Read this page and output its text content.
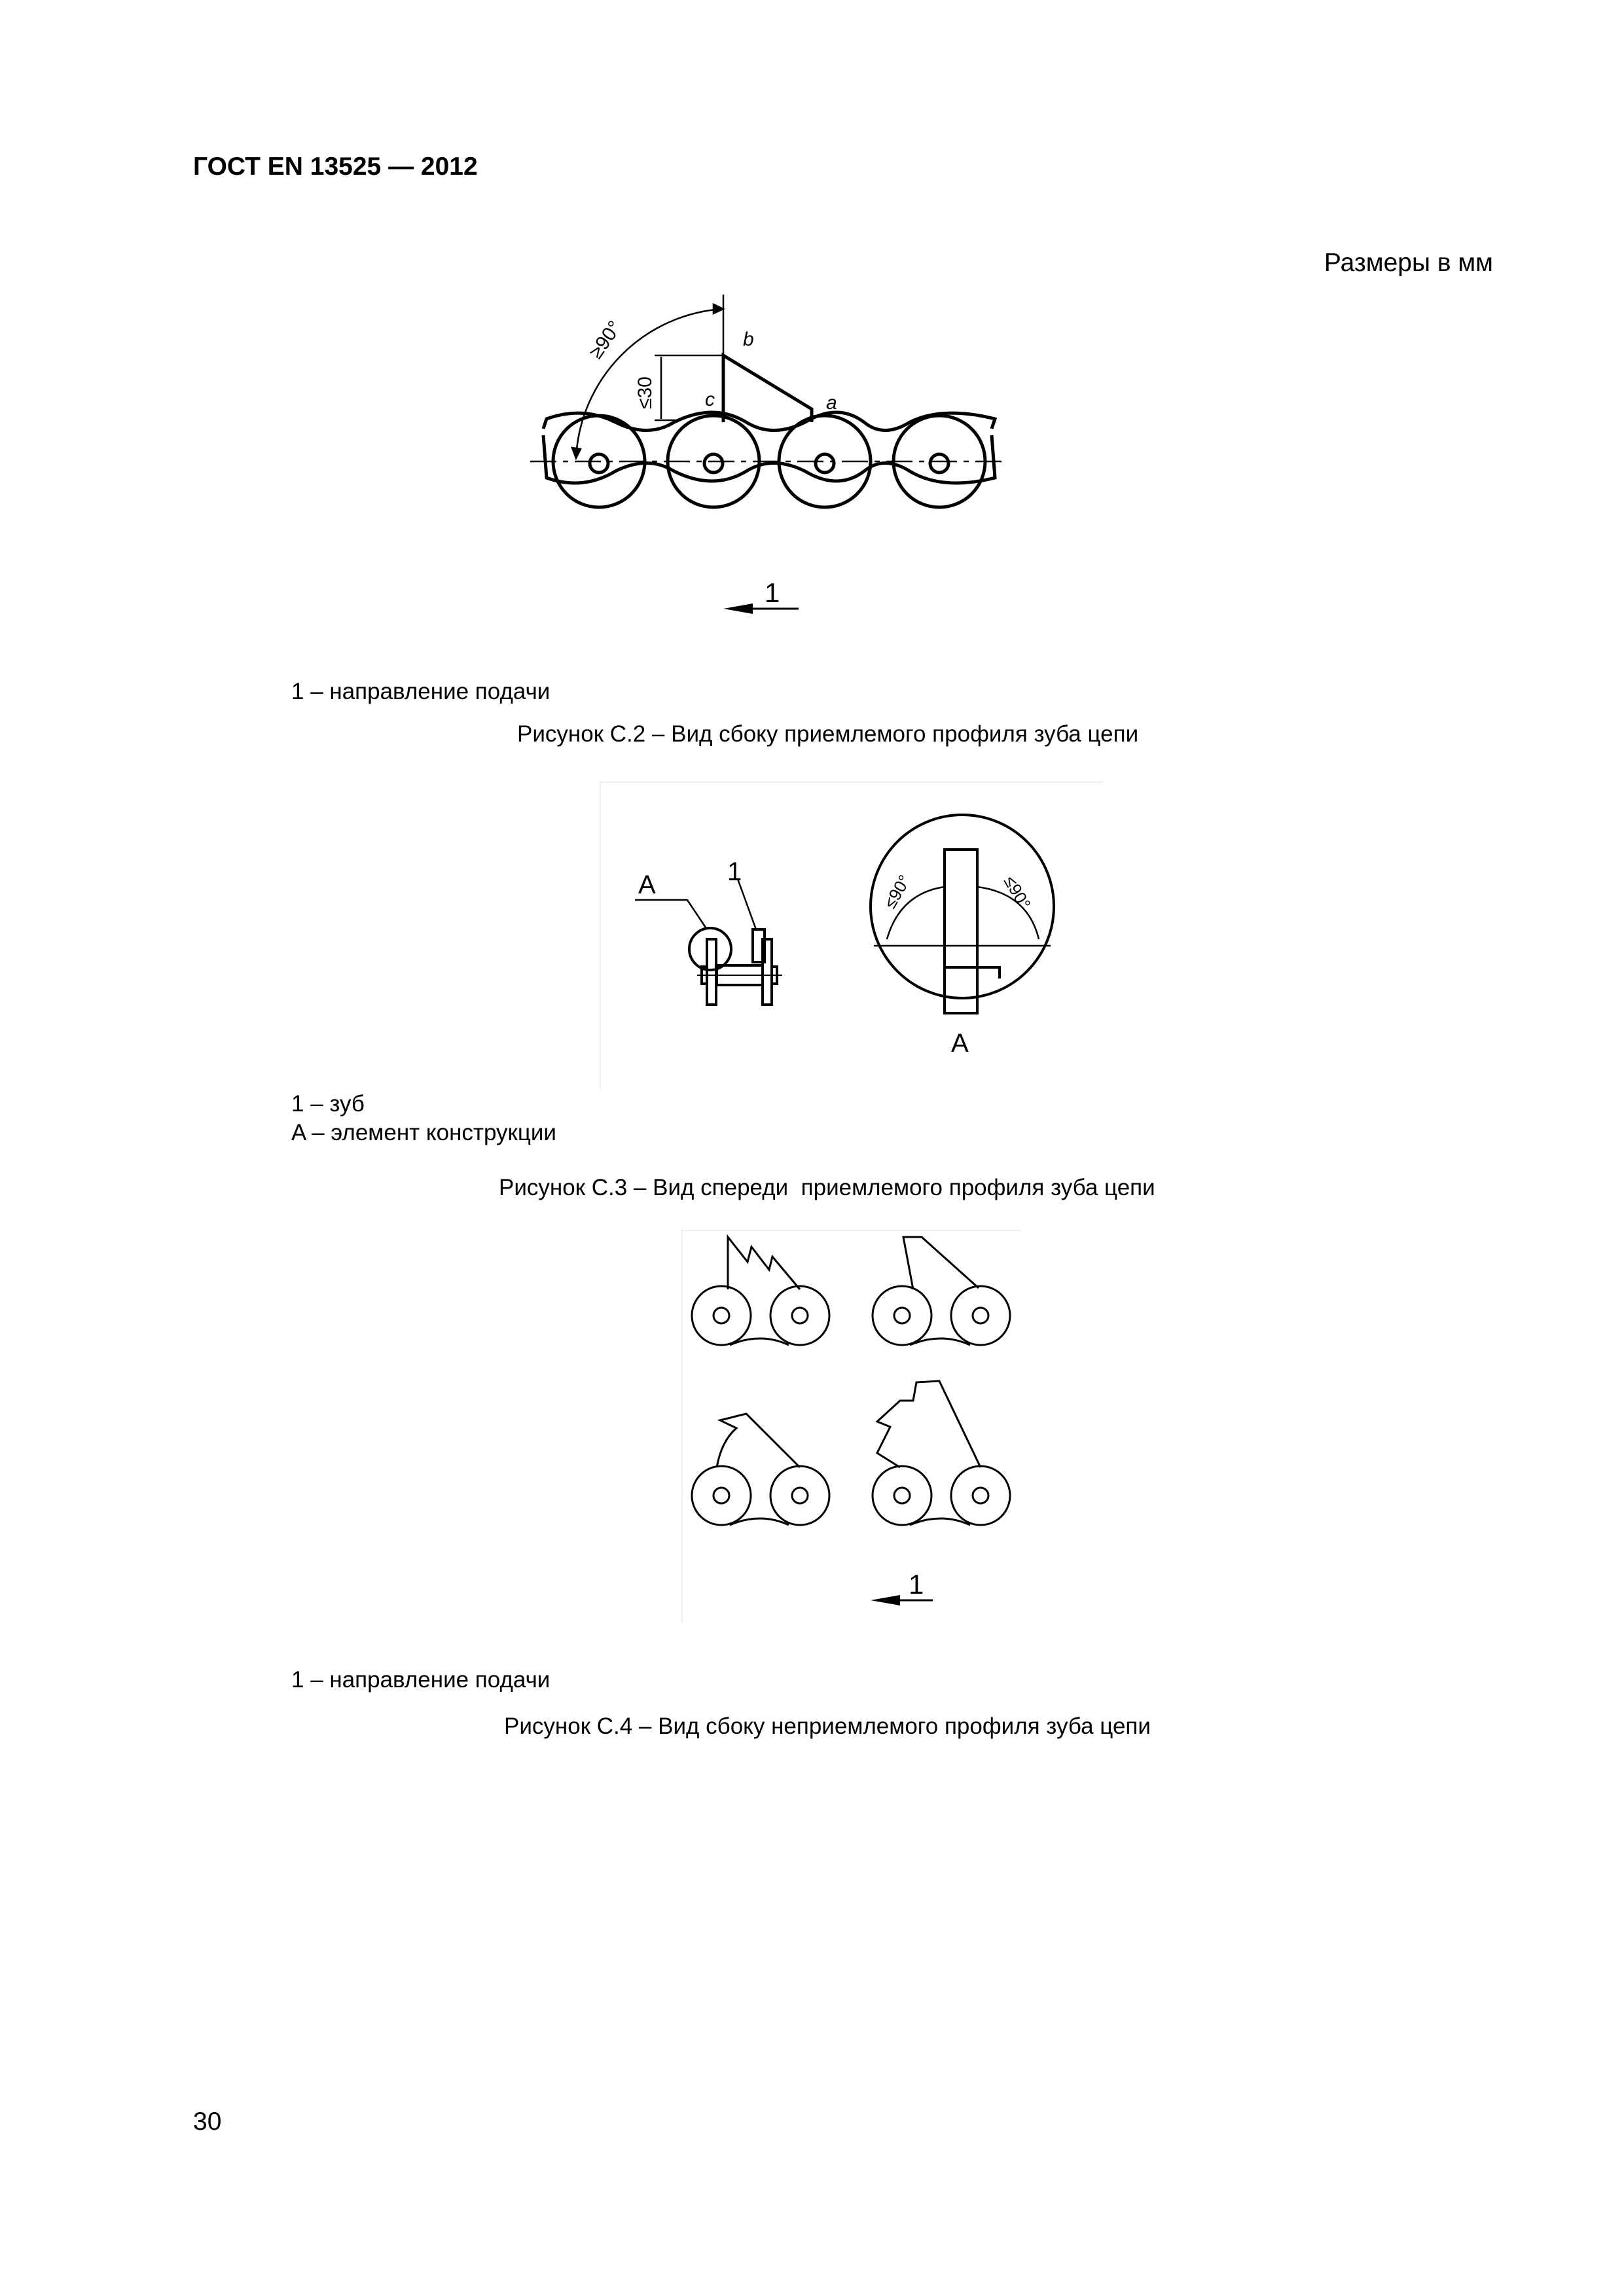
ГОСТ EN 13525 — 2012
Размеры в мм
≥90°
≤30
b
c	a
1
1 – направление подачи
Рисунок С.2 – Вид сбоку приемлемого профиля зуба цепи
A	1	≤90°	≤90°
A
1 – зуб
A – элемент конструкции
Рисунок С.3 – Вид спереди  приемлемого профиля зуба цепи
1
1 – направление подачи
Рисунок С.4 – Вид сбоку неприемлемого профиля зуба цепи
30
